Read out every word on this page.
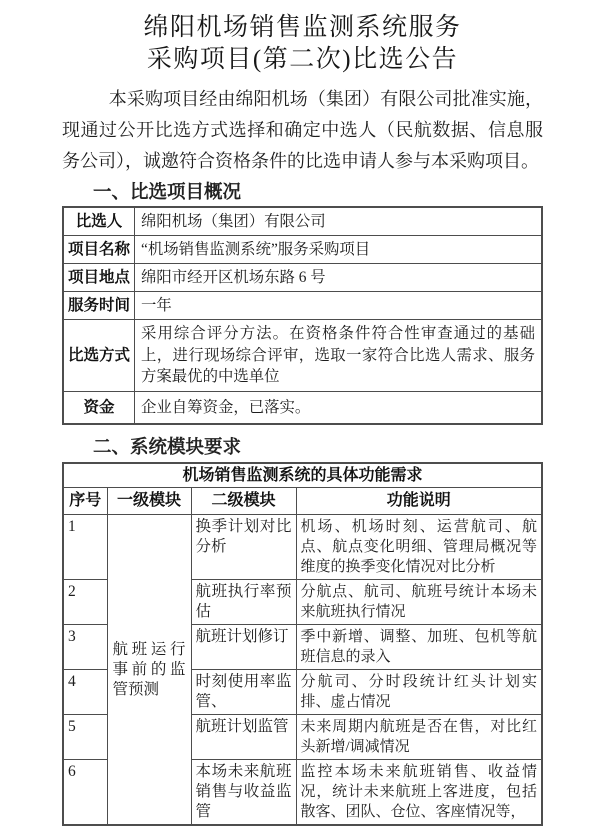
绵阳机场销售监测系统服务
采购项目(第二次)比选公告

本采购项目经由绵阳机场（集团）有限公司批准实施，现通过公开比选方式选择和确定中选人（民航数据、信息服务公司），诚邀符合资格条件的比选申请人参与本采购项目。

一、比选项目概况
比选人	绵阳机场（集团）有限公司
项目名称	“机场销售监测系统”服务采购项目
项目地点	绵阳市经开区机场东路 6 号
服务时间	一年
比选方式	采用综合评分方法。在资格条件符合性审查通过的基础上，进行现场综合评审，选取一家符合比选人需求、服务方案最优的中选单位
资金	企业自筹资金，已落实。
二、系统模块要求
机场销售监测系统的具体功能需求			
序号	一级模块	二级模块	功能说明
1	航班运行事前的监管预测	换季计划对比分析	机场、机场时刻、运营航司、航点、航点变化明细、管理局概况等维度的换季变化情况对比分析
2		航班执行率预估	分航点、航司、航班号统计本场未来航班执行情况
3		航班计划修订	季中新增、调整、加班、包机等航班信息的录入
4		时刻使用率监管、	分航司、分时段统计红头计划实排、虚占情况
5		航班计划监管	未来周期内航班是否在售，对比红头新增/调减情况
6		本场未来航班销售与收益监管	监控本场未来航班销售、收益情况，统计未来航班上客进度，包括散客、团队、仓位、客座情况等，
